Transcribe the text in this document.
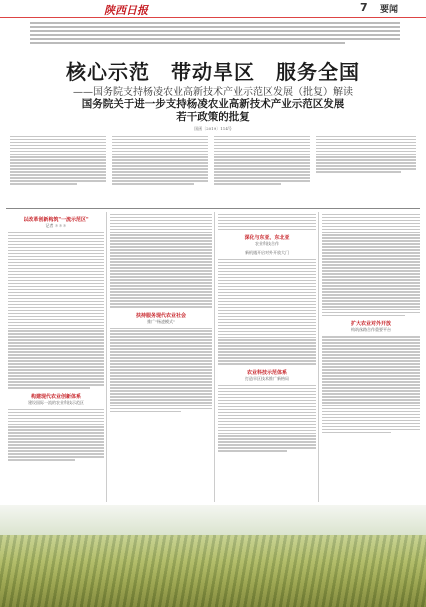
陕西日报	7 要闻
核心示范　带动旱区　服务全国
——国务院支持杨凌农业高新技术产业示范区发展（批复）解读
国务院关于进一步支持杨凌农业高新技术产业示范区发展
若干政策的批复
国函〔2019〕114号
以改革创新构筑"一流示范区"
记者 ＊＊＊
构建现代农业创新体系
建设国际一流的农业科技示范区
扶持服务现代农业社会
推广"杨凌模式"
深化与东亚、东北亚
农业科技合作
新机遇开启对外开放大门
农业科技示范体系
打造旱区技术推广新格局
扩大农业对外开放
构筑丝路合作重要平台
